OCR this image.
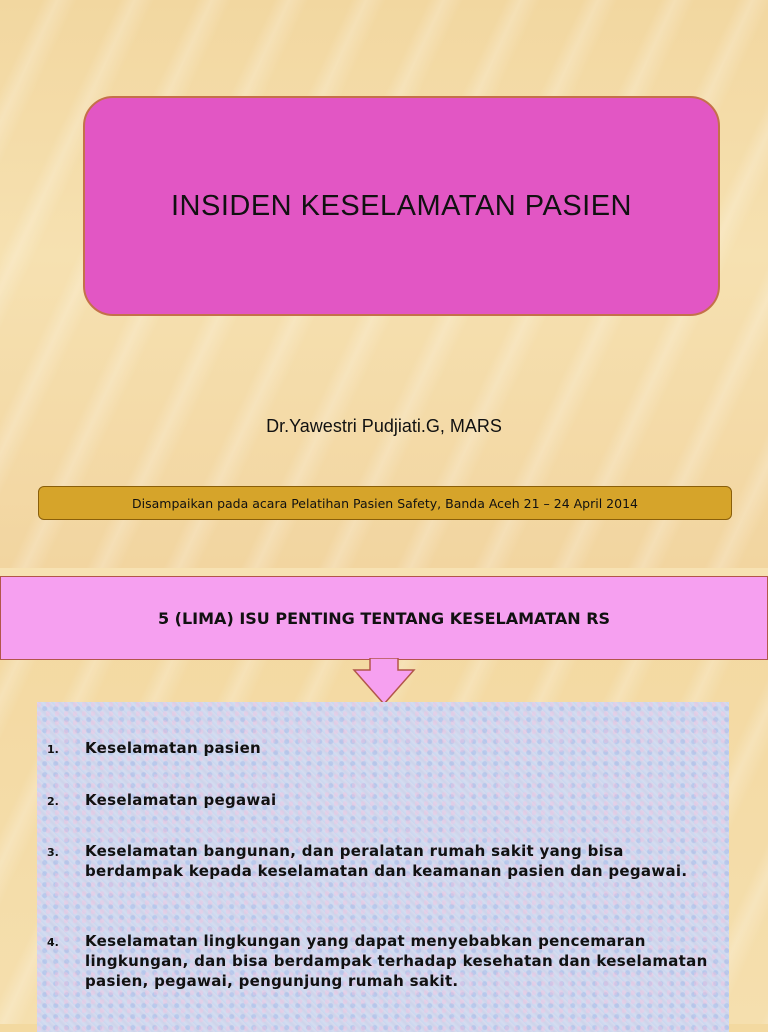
INSIDEN KESELAMATAN PASIEN
Dr.Yawestri Pudjiati.G, MARS
Disampaikan pada acara Pelatihan Pasien Safety, Banda Aceh 21 – 24 April 2014
5 (LIMA) ISU PENTING TENTANG KESELAMATAN RS
1. Keselamatan pasien
2. Keselamatan pegawai
3. Keselamatan bangunan, dan peralatan rumah sakit yang bisa berdampak kepada keselamatan dan keamanan pasien dan pegawai.
4. Keselamatan lingkungan yang dapat menyebabkan pencemaran lingkungan, dan bisa berdampak terhadap kesehatan dan keselamatan pasien, pegawai, pengunjung rumah sakit.
